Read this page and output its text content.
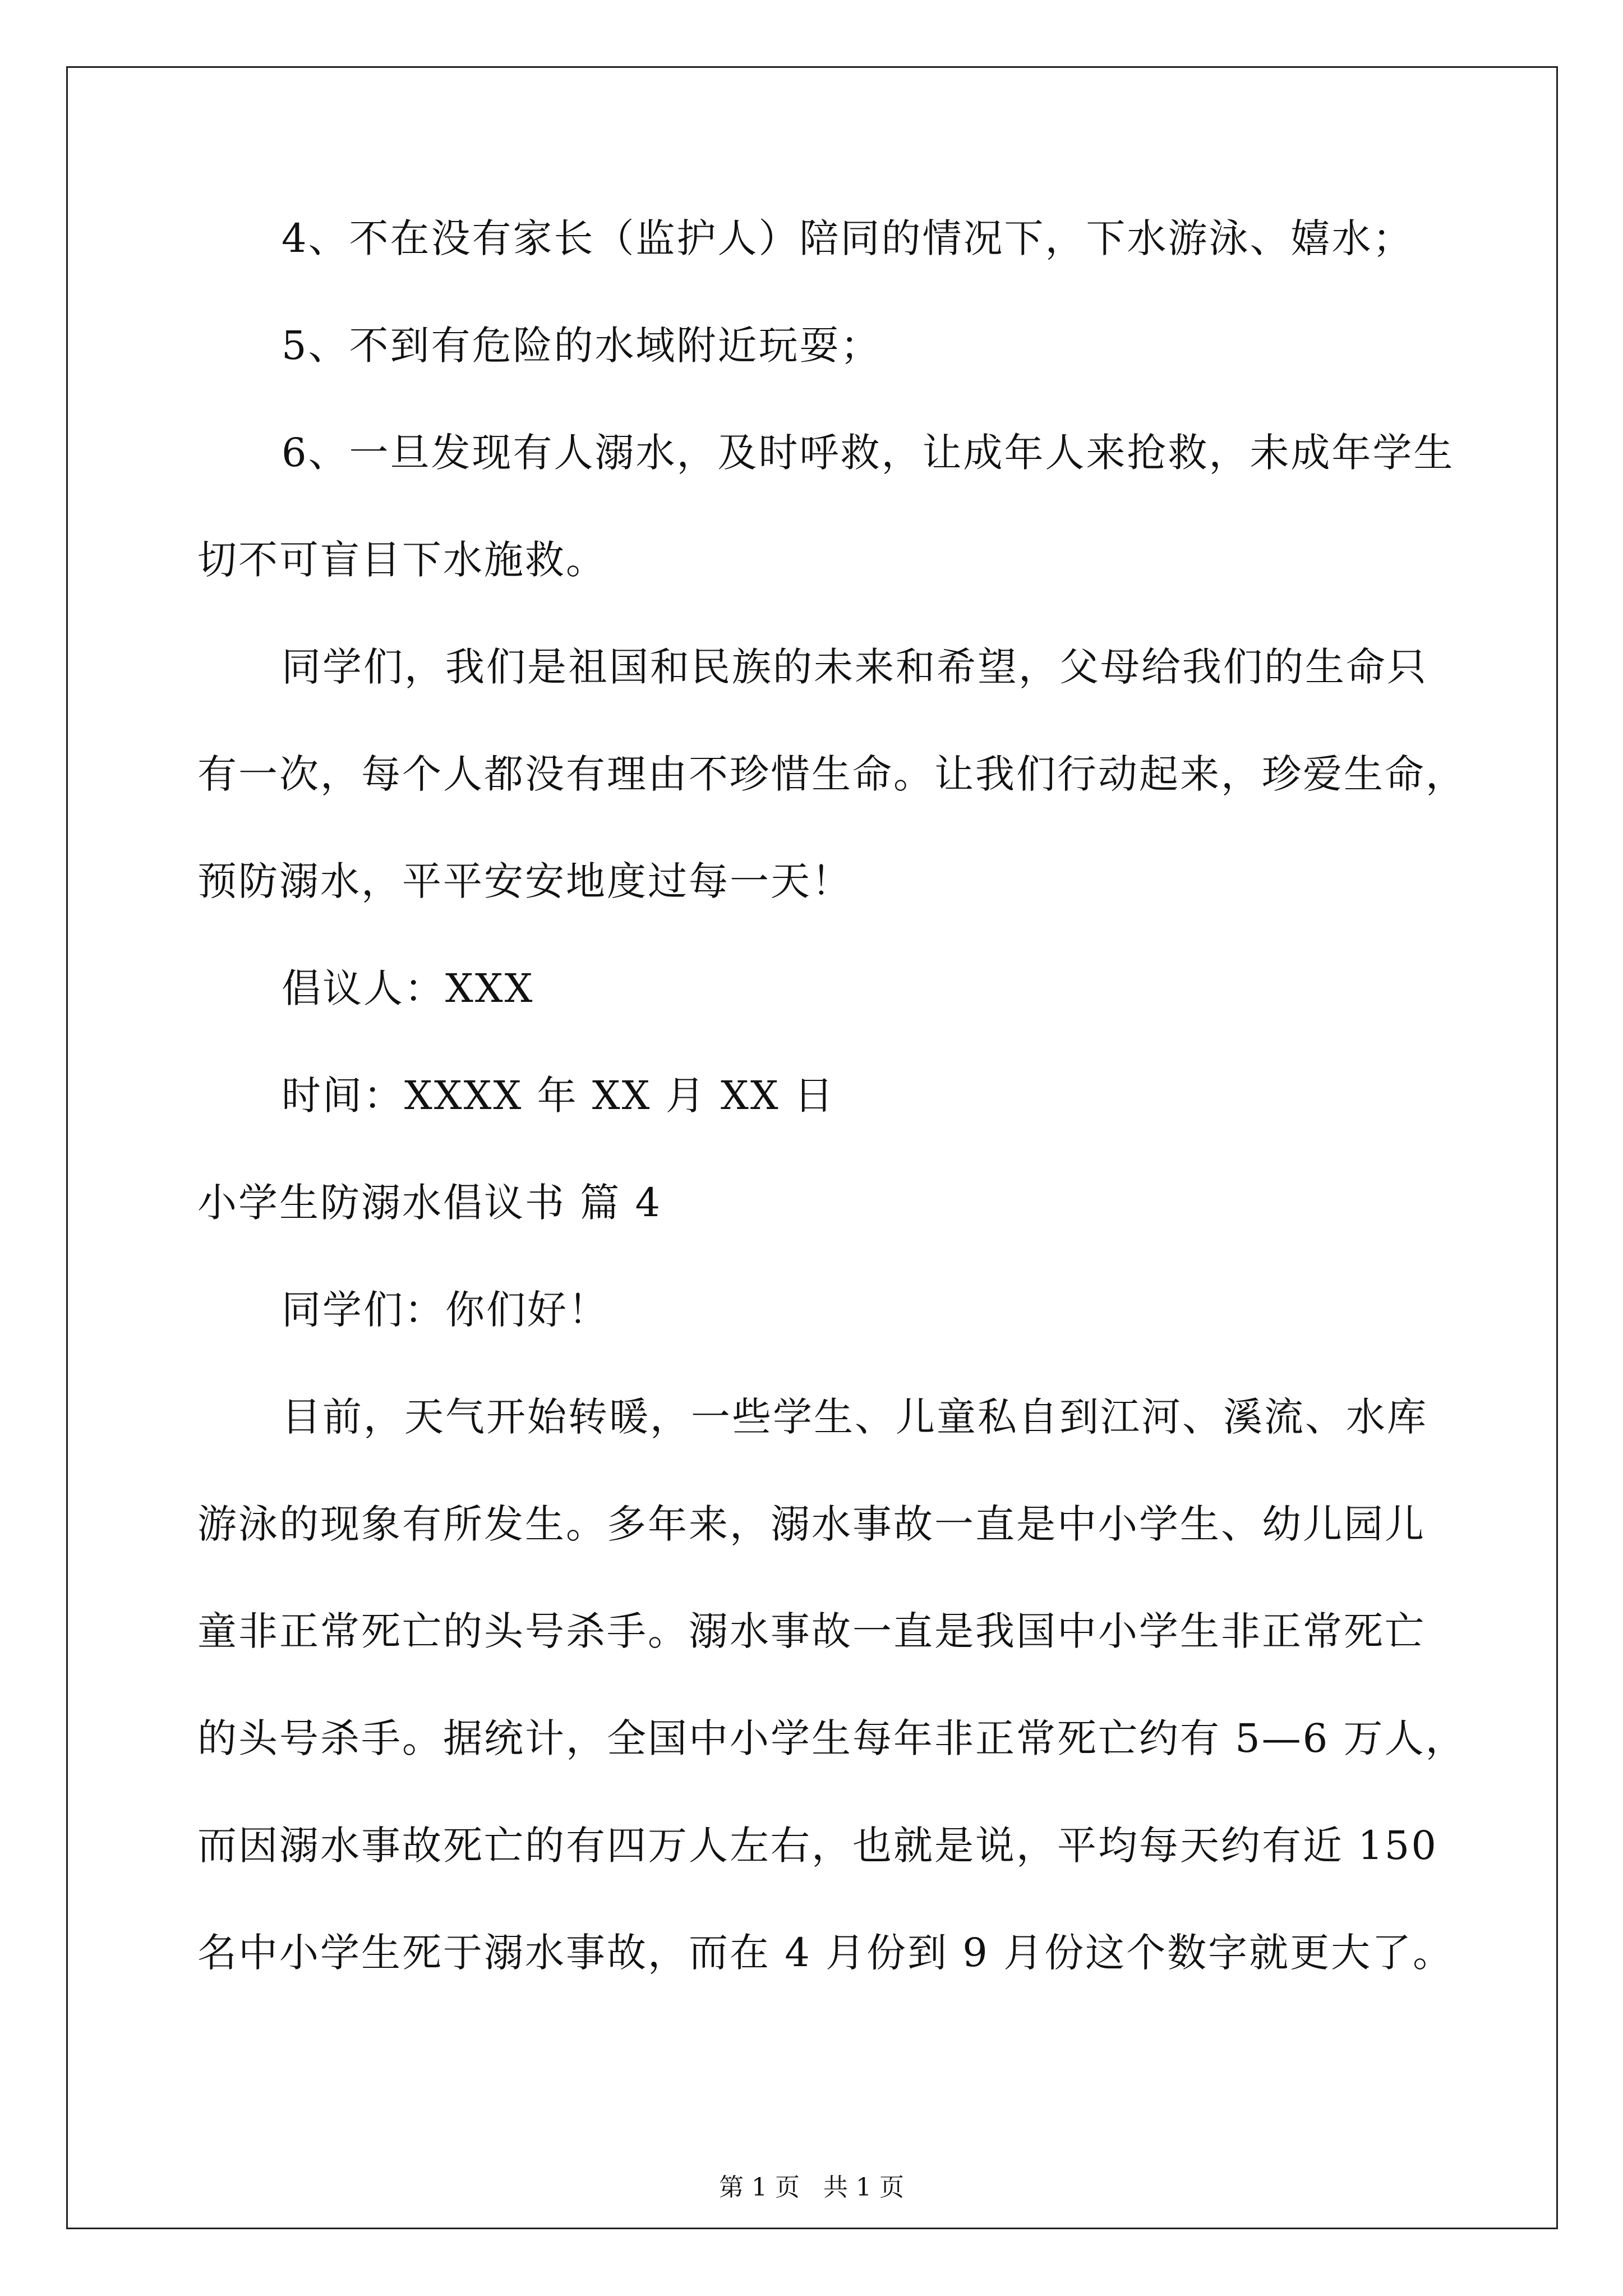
4、不在没有家长（监护人）陪同的情况下，下水游泳、嬉水；
5、不到有危险的水域附近玩耍；
6、一旦发现有人溺水，及时呼救，让成年人来抢救，未成年学生
切不可盲目下水施救。
同学们，我们是祖国和民族的未来和希望，父母给我们的生命只
有一次，每个人都没有理由不珍惜生命。让我们行动起来，珍爱生命，
预防溺水，平平安安地度过每一天！
倡议人：XXX
时间：XXXX 年 XX 月 XX 日
小学生防溺水倡议书 篇 4
同学们：你们好！
目前，天气开始转暖，一些学生、儿童私自到江河、溪流、水库
游泳的现象有所发生。多年来，溺水事故一直是中小学生、幼儿园儿
童非正常死亡的头号杀手。溺水事故一直是我国中小学生非正常死亡
的头号杀手。据统计，全国中小学生每年非正常死亡约有 5—6 万人，
而因溺水事故死亡的有四万人左右，也就是说，平均每天约有近 150
名中小学生死于溺水事故，而在 4 月份到 9 月份这个数字就更大了。
第 1 页   共 1 页
